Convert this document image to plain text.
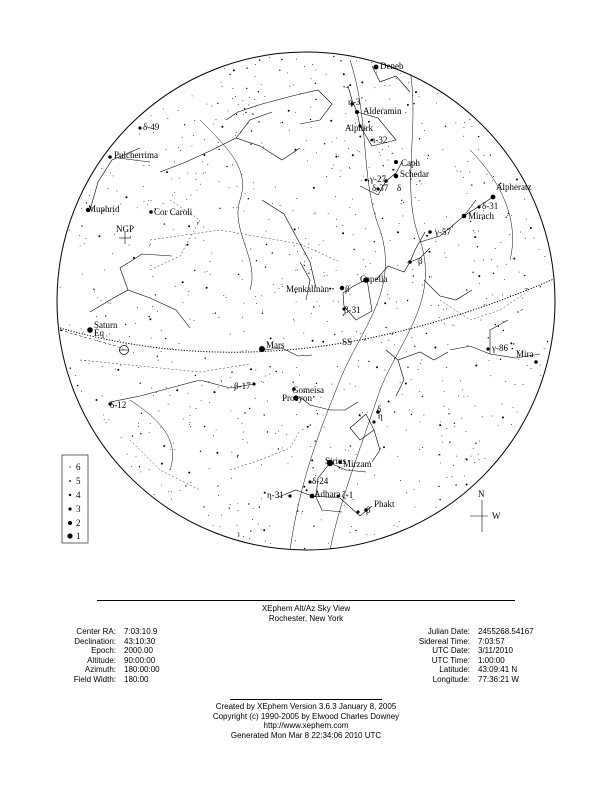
Deneb
η-3
Alderamin
Alphirk
ι-32
Caph
Schedar
γ-27
δ-37 δ
δ-49
Pulcherrima
Alpheratz
δ-31
Mirach
γ-57
Muphrid	Cor Caroli
NGP
β
Capella
Menkalinan β
β-31
SS
γ-86
Mira
Saturn
Eq
Mars
β-17	Gomeisa
Procyon
δ-12	δ
η
Sirius
Mirzam
δ-24
η-31	Adhara ζ-1
Phakt
β
6
5
4
3
2
1
N
W
XEphem Alt/Az Sky View
Rochester, New York
Center RA:	7:03:10.9
Declination:	43:10:30
Epoch:	2000.00
Altitude:	90:00:00
Azimuth:	180:00:00
Field Width:	180:00
Julian Date:	2455268.54167
Sidereal Time:	7:03:57
UTC Date:	3/11/2010
UTC Time:	1:00:00
Latitude:	43:09:41 N
Longitude:	77:36:21 W
Created by XEphem Version 3.6.3 January 8, 2005
Copyright (c) 1990-2005 by Elwood Charles Downey
http://www.xephem.com
Generated Mon Mar 8 22:34:06 2010 UTC
